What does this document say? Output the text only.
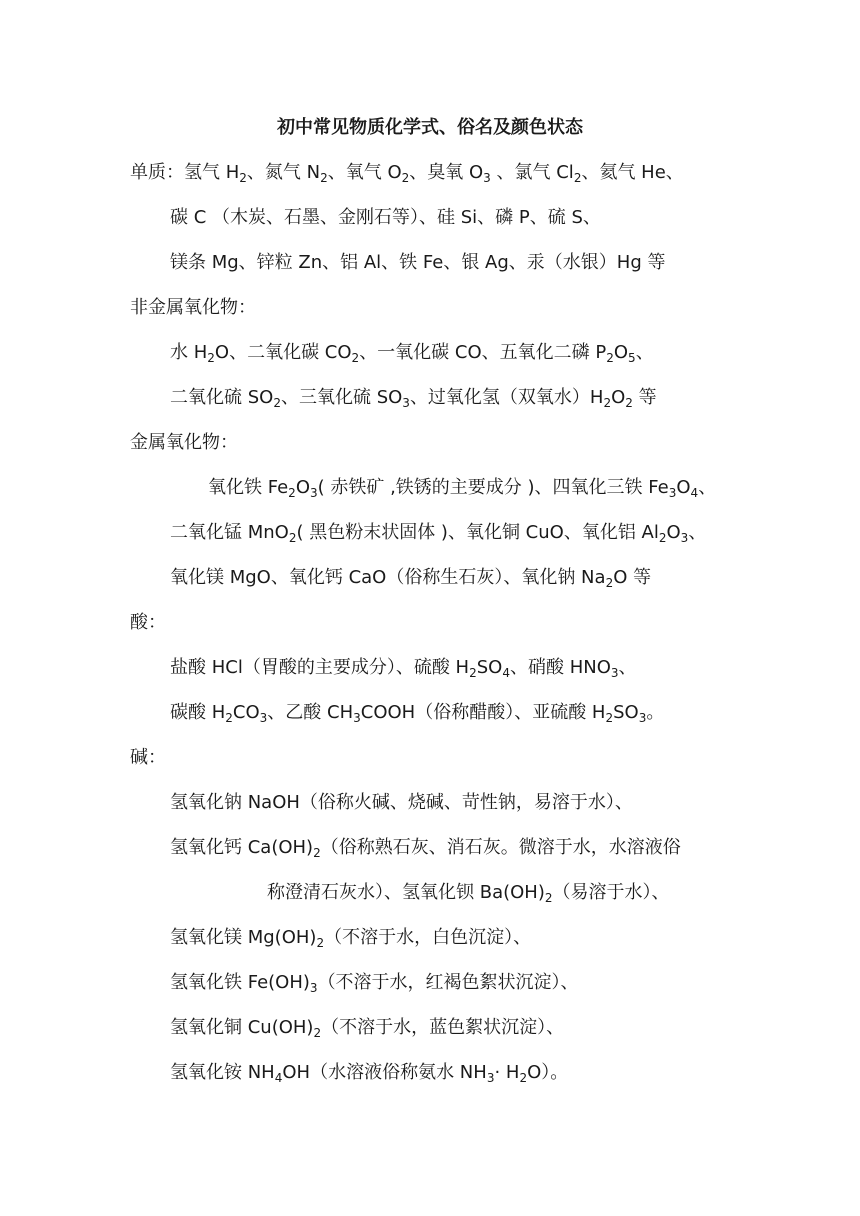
初中常见物质化学式、俗名及颜色状态
单质：氢气 $H_2$、氮气 $N_2$、氧气 $O_2$、臭氧 $O_3$ 、氯气 $Cl_2$、氦气 He、
碳 C （木炭、石墨、金刚石等）、硅 Si、磷 P、硫 S、
镁条 Mg、锌粒 Zn、铝 Al、铁 Fe、银 Ag、汞（水银）Hg 等
非金属氧化物：
水 $H_2O$、二氧化碳 $CO_2$、一氧化碳 CO、五氧化二磷 $P_2O_5$、
二氧化硫 $SO_2$、三氧化硫 $SO_3$、过氧化氢（双氧水）$H_2O_2$ 等
金属氧化物：
氧化铁 $Fe_2O_3$( 赤铁矿 ,铁锈的主要成分 )、四氧化三铁 $Fe_3O_4$、
二氧化锰 MnO$_2$( 黑色粉末状固体 )、氧化铜 CuO、氧化铝 $Al_2O_3$、
氧化镁 MgO、氧化钙 CaO（俗称生石灰）、氧化钠 $Na_2O$ 等
酸：
盐酸 HCl（胃酸的主要成分）、硫酸 $H_2SO_4$、硝酸 $HNO_3$、
碳酸 $H_2CO_3$、乙酸 $CH_3COOH$（俗称醋酸）、亚硫酸 $H_2SO_3$。
碱：
氢氧化钠 NaOH（俗称火碱、烧碱、苛性钠，易溶于水）、
氢氧化钙 $Ca(OH)_2$（俗称熟石灰、消石灰。微溶于水，水溶液俗
称澄清石灰水）、氢氧化钡 $Ba(OH)_2$（易溶于水）、
氢氧化镁 $Mg(OH)_2$（不溶于水，白色沉淀）、
氢氧化铁 $Fe(OH)_3$（不溶于水，红褐色絮状沉淀）、
氢氧化铜 $Cu(OH)_2$（不溶于水，蓝色絮状沉淀）、
氢氧化铵 $NH_4OH$（水溶液俗称氨水 $NH_3\cdot H_2O$）。
